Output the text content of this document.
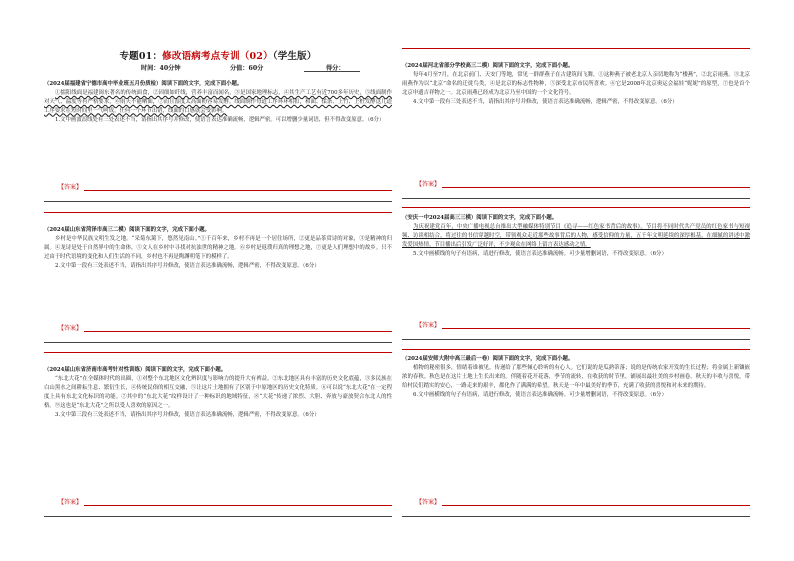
专题01：修改语病考点专训（02）（学生版）
时间：40分钟	分值：60分	得分：
（2024届福建省宁德市高中毕业班五月份质检）阅读下面的文字，完成下面小题。

①擂阳线面是福建闽东著名的传统面食，②因细如纤线，营养丰富而闻名，③是国家地理标志，④其生产工艺有近700多年历史，⑤线面制作对天气、温度等有严格要求，⑥雨天不能晒面，⑦而且湿度太高面粉容易发酵。线面制作每道工序环环相扣，和面、揉条、上竹、上桩发酵这几道工序要求在短时间里一气呵成，任何一个环节出错，线面的口感就会受影响。

1.文中画波浪线处有三处表述不当，请指出其序号并修改，使语言表达准确流畅，逻辑严密。可以增删少量词语，但不得改变原意。（6分）

【答案】
（2024届山东省菏泽市高三二模）阅读下面的文字，完成下面小题。

乡村是中华民族文明生发之地。“采菊东篱下，悠然见南山。”①千百年来，乡村不再是一个居住场所，②更是品茶赏诗的对象，③是精神的归属。④龙诗是处于自然界中的生命体，⑤文人在乡村中寻找对抗浊世的精神之地。⑥乡村是返璞归真的理想之地，⑦更是人们理想中的故乡。只不过由于时代语境的变化和人们生活的不同，乡村也不再是陶渊明笔下的模样了。

2.文中第一段有三处表述不当，请指出其序号并修改，使语言表达准确流畅，逻辑严密，不得改变原意。（6分）

【答案】
（2024届山东省济南市高考针对性训练）阅读下面的文字，完成下面小题。

“东北大花”在全媒体时代的出圈，①对整个东北地区文化辨识度与影响力的提升大有裨益。②东北地区具有丰富的历史文化底蕴，③多民族在白山黑水之间耕耘生息、繁衍生长，④传统民俗的相互交融，⑤让这片土地拥有了区别于中原地区的历史文化特质。⑥可以说“东北大花”在一定程度上具有东北文化标识的功能。⑦其中的“东北大花”纹样设计了一种标识的地域特征，⑧“大花”传递了浓烈、大胆、奔放与豪放契合东北人的性格。⑨这也是“东北大花”之所以受人喜欢的原因之一。

3.文中第三段有三处表述不当，请指出其序号并修改，使语言表达准确流畅，逻辑严密，不得改变原意。（6分）

【答案】
（2024届河北省部分学校高三二模）阅读下面的文字，完成下面小题。

每年4月至7月，在北京前门、天安门等地，常见一群群燕子在古建筑间飞舞，①这种燕子被老北京人亲切地称为“楼燕”，②北京雨燕。③北京雨燕作为以“北京”命名的迁徙鸟类，④是北京的标志性物种，⑤深受北京市民所喜欢。⑥它是2008年北京奥运会福娃“妮妮”的原型，⑦也是首个北京申遗吉祥物之一。北京雨燕已经成为北京乃至中国的一个文化符号。

4.文中第一段有三处表述不当，请指出其序号并修改，使语言表达准确流畅，逻辑严密，不得改变原意。（6分）

【答案】
（安庆一中2024届高三三模）阅读下面的文字，完成下面小题。

为庆祝建党百年，中央广播电视总台推出大型融媒体特别节目《追寻——红色家书背后的故事》。节目将不同时代共产党员的红色家书与短视频、访谈相结合，将过往的书信穿越时空，带领观众走近那些故事背后的人物，感受信仰的力量，五千年文明延续的深厚根基，在细腻的讲述中激发爱国热情。节目播出后引发广泛好评，不少观众在网络上留言表达感动之情。

5.文中画横线的句子有语病，请进行修改，使语言表达准确流畅。可少量增删词语，不得改变原意。（6分）

【答案】
（2024届安师大附中高三最后一卷）阅读下面的文字，完成下面小题。

植物的秘密很多，情绪着谁被见，传递给了那些倾心聆听的有心人。它们说的是瓜熟蒂落；说的是传统农家开发的生长过程；将金属上新镶嵌浓的春秋。秋色是在这片土地上生长出来的。伴随着花开花落，季节的流转，在收获的时节里，铺展出最壮美的乡村画卷。秋天的丰收与喜悦，带给村民们踏实的安心，一路走来的艰辛，都化作了满满的希望。秋天是一年中最美好的季节，充满了收获的喜悦和对未来的期待。

6.文中画横线的句子有语病，请进行修改，使语言表达准确流畅。可少量增删词语，不得改变原意。（6分）

【答案】
